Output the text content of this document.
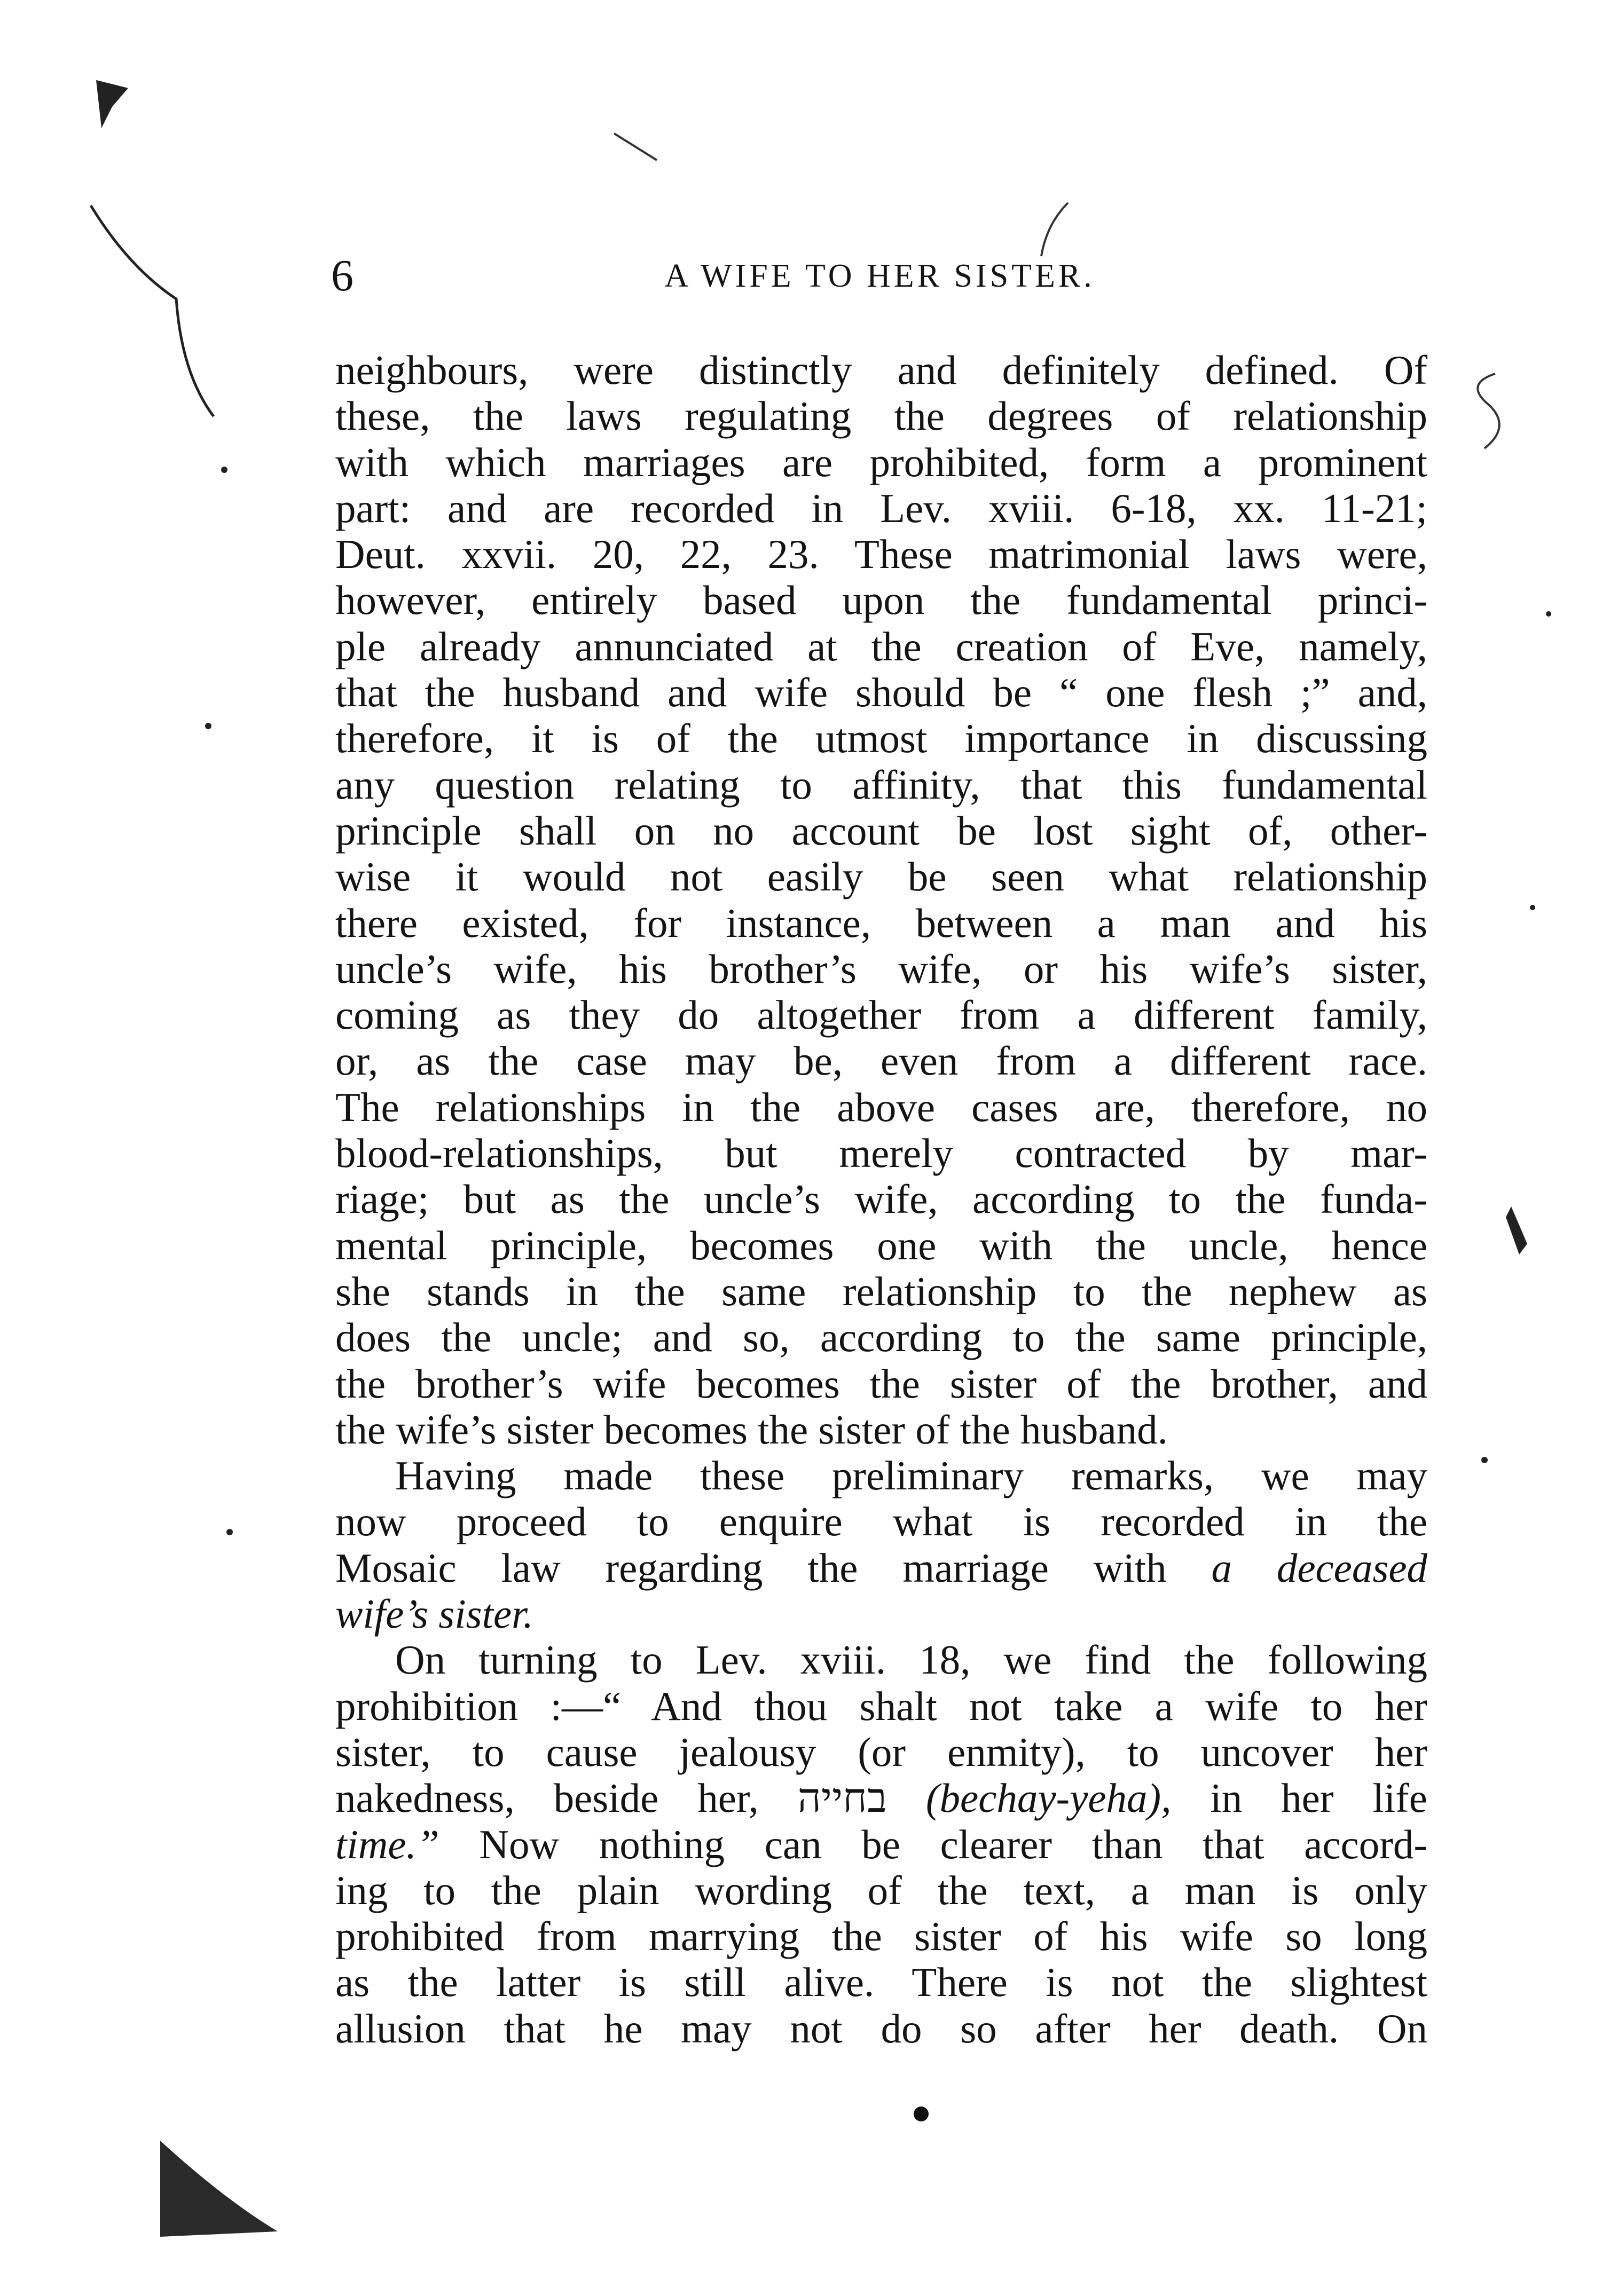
6	A WIFE TO HER SISTER.
neighbours, were distinctly and definitely defined. Of
these, the laws regulating the degrees of relationship
with which marriages are prohibited, form a prominent
part: and are recorded in Lev. xviii. 6-18, xx. 11-21;
Deut. xxvii. 20, 22, 23. These matrimonial laws were,
however, entirely based upon the fundamental princi-
ple already annunciated at the creation of Eve, namely,
that the husband and wife should be “ one flesh ;” and,
therefore, it is of the utmost importance in discussing
any question relating to affinity, that this fundamental
principle shall on no account be lost sight of, other-
wise it would not easily be seen what relationship
there existed, for instance, between a man and his
uncle’s wife, his brother’s wife, or his wife’s sister,
coming as they do altogether from a different family,
or, as the case may be, even from a different race.
The relationships in the above cases are, therefore, no
blood-relationships, but merely contracted by mar-
riage; but as the uncle’s wife, according to the funda-
mental principle, becomes one with the uncle, hence
she stands in the same relationship to the nephew as
does the uncle; and so, according to the same principle,
the brother’s wife becomes the sister of the brother, and
the wife’s sister becomes the sister of the husband.
Having made these preliminary remarks, we may
now proceed to enquire what is recorded in the
Mosaic law regarding the marriage with a deceased
wife’s sister.
On turning to Lev. xviii. 18, we find the following
prohibition :—“ And thou shalt not take a wife to her
sister, to cause jealousy (or enmity), to uncover her
nakedness, beside her, בחייה (bechay-yeha), in her life
time.” Now nothing can be clearer than that accord-
ing to the plain wording of the text, a man is only
prohibited from marrying the sister of his wife so long
as the latter is still alive. There is not the slightest
allusion that he may not do so after her death. On
